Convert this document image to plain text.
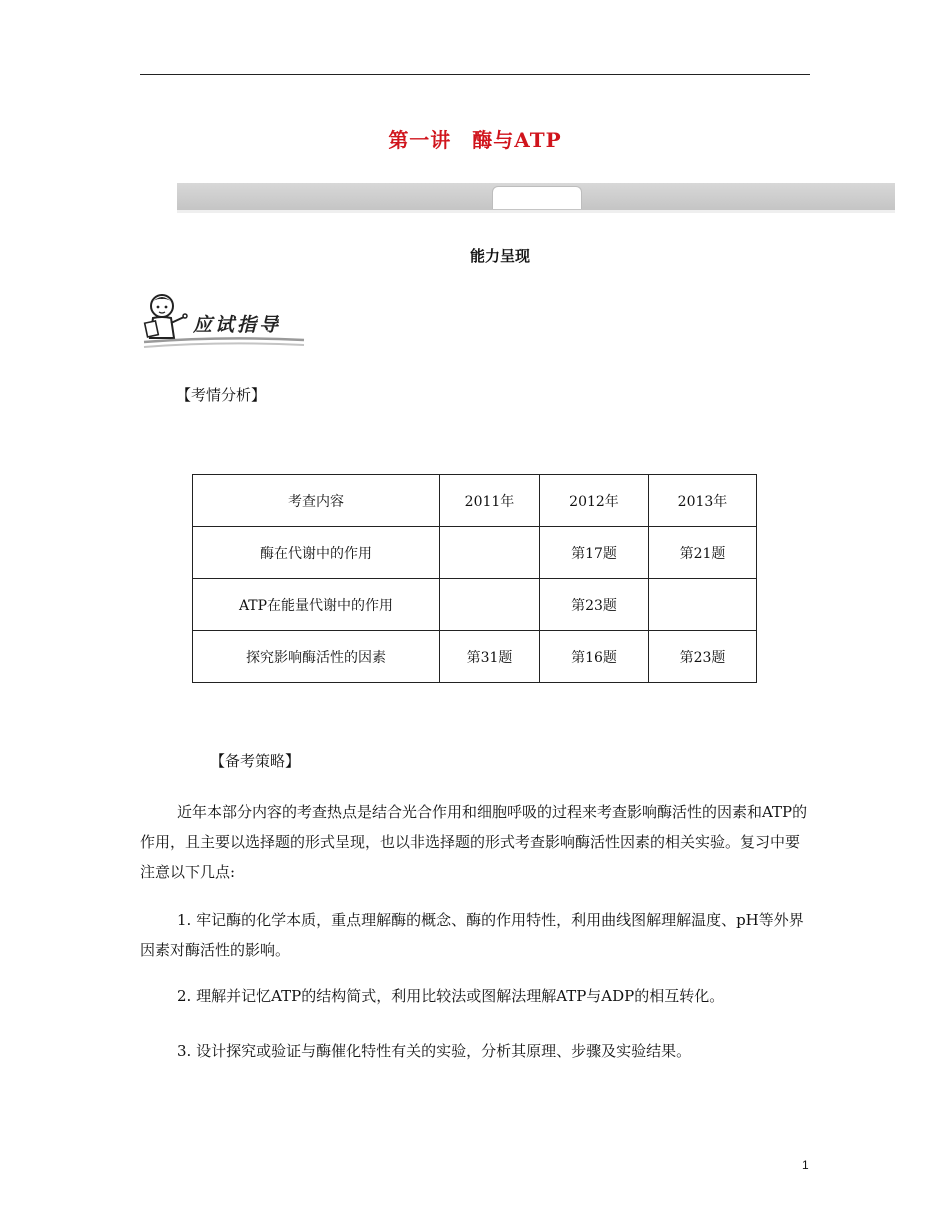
第一讲　酶与ATP
能力呈现
应试指导
【考情分析】
考查内容	2011年	2012年	2013年
酶在代谢中的作用		第17题	第21题
ATP在能量代谢中的作用		第23题	
探究影响酶活性的因素	第31题	第16题	第23题
【备考策略】
近年本部分内容的考查热点是结合光合作用和细胞呼吸的过程来考查影响酶活性的因素和ATP的作用，且主要以选择题的形式呈现，也以非选择题的形式考查影响酶活性因素的相关实验。复习中要注意以下几点:
1. 牢记酶的化学本质，重点理解酶的概念、酶的作用特性，利用曲线图解理解温度、pH等外界因素对酶活性的影响。
2. 理解并记忆ATP的结构简式，利用比较法或图解法理解ATP与ADP的相互转化。
3. 设计探究或验证与酶催化特性有关的实验，分析其原理、步骤及实验结果。
1
